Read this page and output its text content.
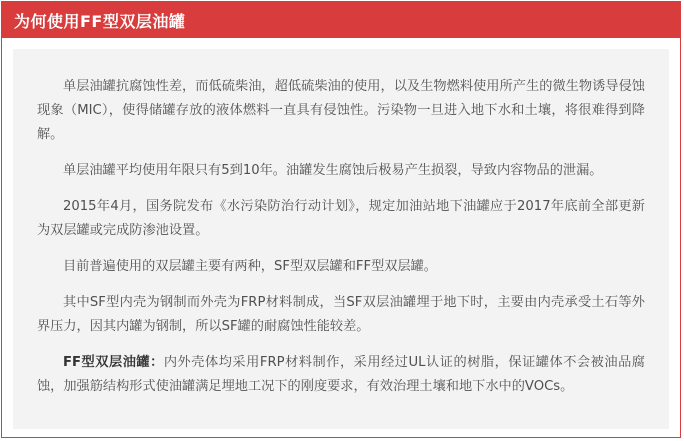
为何使用FF型双层油罐

单层油罐抗腐蚀性差，而低硫柴油，超低硫柴油的使用，以及生物燃料使用所产生的微生物诱导侵蚀现象（MIC），使得储罐存放的液体燃料一直具有侵蚀性。污染物一旦进入地下水和土壤，将很难得到降解。

单层油罐平均使用年限只有5到10年。油罐发生腐蚀后极易产生损裂，导致内容物品的泄漏。

2015年4月，国务院发布《水污染防治行动计划》，规定加油站地下油罐应于2017年底前全部更新为双层罐或完成防渗池设置。

目前普遍使用的双层罐主要有两种，SF型双层罐和FF型双层罐。

其中SF型内壳为钢制而外壳为FRP材料制成，当SF双层油罐埋于地下时，主要由内壳承受土石等外界压力，因其内罐为钢制，所以SF罐的耐腐蚀性能较差。

FF型双层油罐：内外壳体均采用FRP材料制作，采用经过UL认证的树脂，保证罐体不会被油品腐蚀，加强筋结构形式使油罐满足埋地工况下的刚度要求，有效治理土壤和地下水中的VOCs。
